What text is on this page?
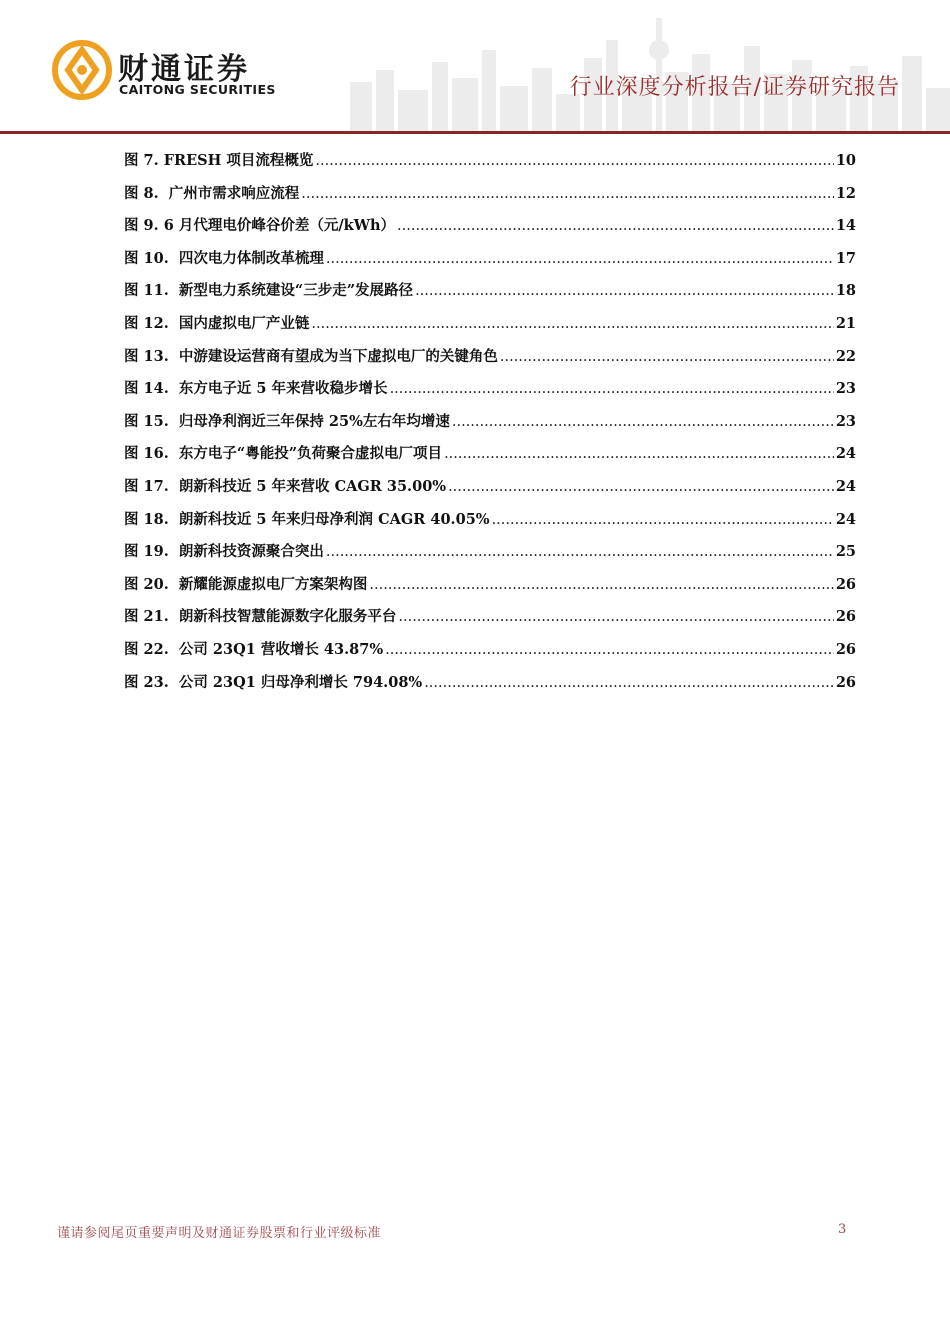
财通证券
CAITONG SECURITIES	行业深度分析报告/证券研究报告
图 7. FRESH 项目流程概览 .....	10
图 8.  广州市需求响应流程 .....	12
图 9. 6 月代理电价峰谷价差（元/kWh） .....	14
图 10.  四次电力体制改革梳理 .....	17
图 11.  新型电力系统建设“三步走”发展路径 .....	18
图 12.  国内虚拟电厂产业链 .....	21
图 13.  中游建设运营商有望成为当下虚拟电厂的关键角色 .....	22
图 14.  东方电子近 5 年来营收稳步增长 .....	23
图 15.  归母净利润近三年保持 25%左右年均增速 .....	23
图 16.  东方电子“粤能投”负荷聚合虚拟电厂项目 .....	24
图 17.  朗新科技近 5 年来营收 CAGR 35.00% .....	24
图 18.  朗新科技近 5 年来归母净利润 CAGR 40.05% .....	24
图 19.  朗新科技资源聚合突出 .....	25
图 20.  新耀能源虚拟电厂方案架构图 .....	26
图 21.  朗新科技智慧能源数字化服务平台 .....	26
图 22.  公司 23Q1 营收增长 43.87% .....	26
图 23.  公司 23Q1 归母净利增长 794.08% .....	26
谨请参阅尾页重要声明及财通证券股票和行业评级标准	3
